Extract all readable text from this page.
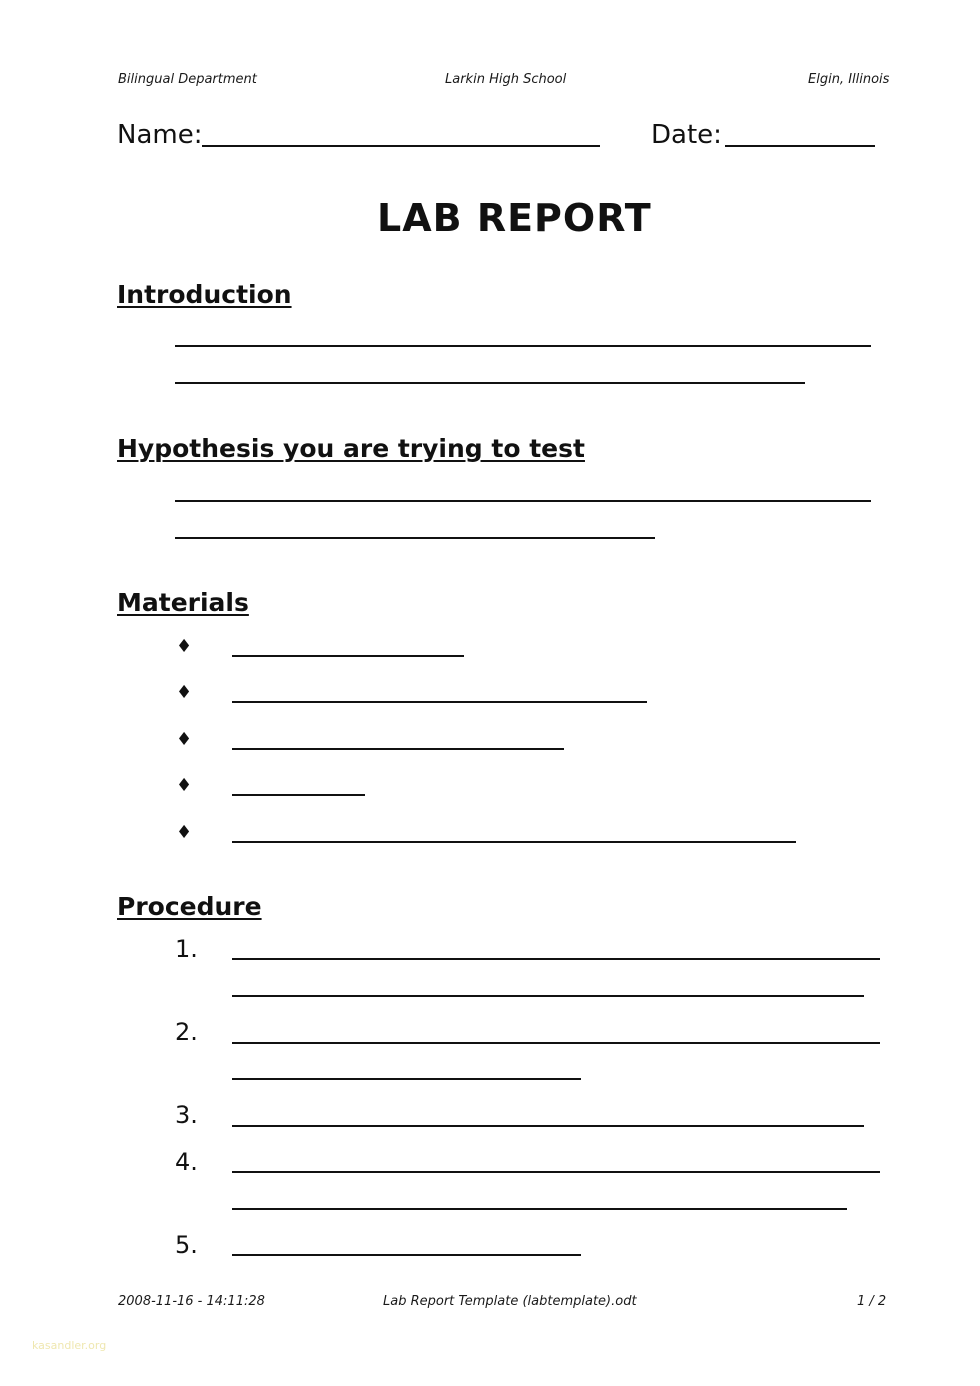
Bilingual Department	Larkin High School	Elgin, Illinois
Name:	Date:
LAB REPORT
Introduction
Hypothesis you are trying to test
Materials
♦
♦
♦
♦
♦
Procedure
1.
2.
3.
4.
5.
2008-11-16 - 14:11:28	Lab Report Template (labtemplate).odt	1 / 2
kasandler.org
